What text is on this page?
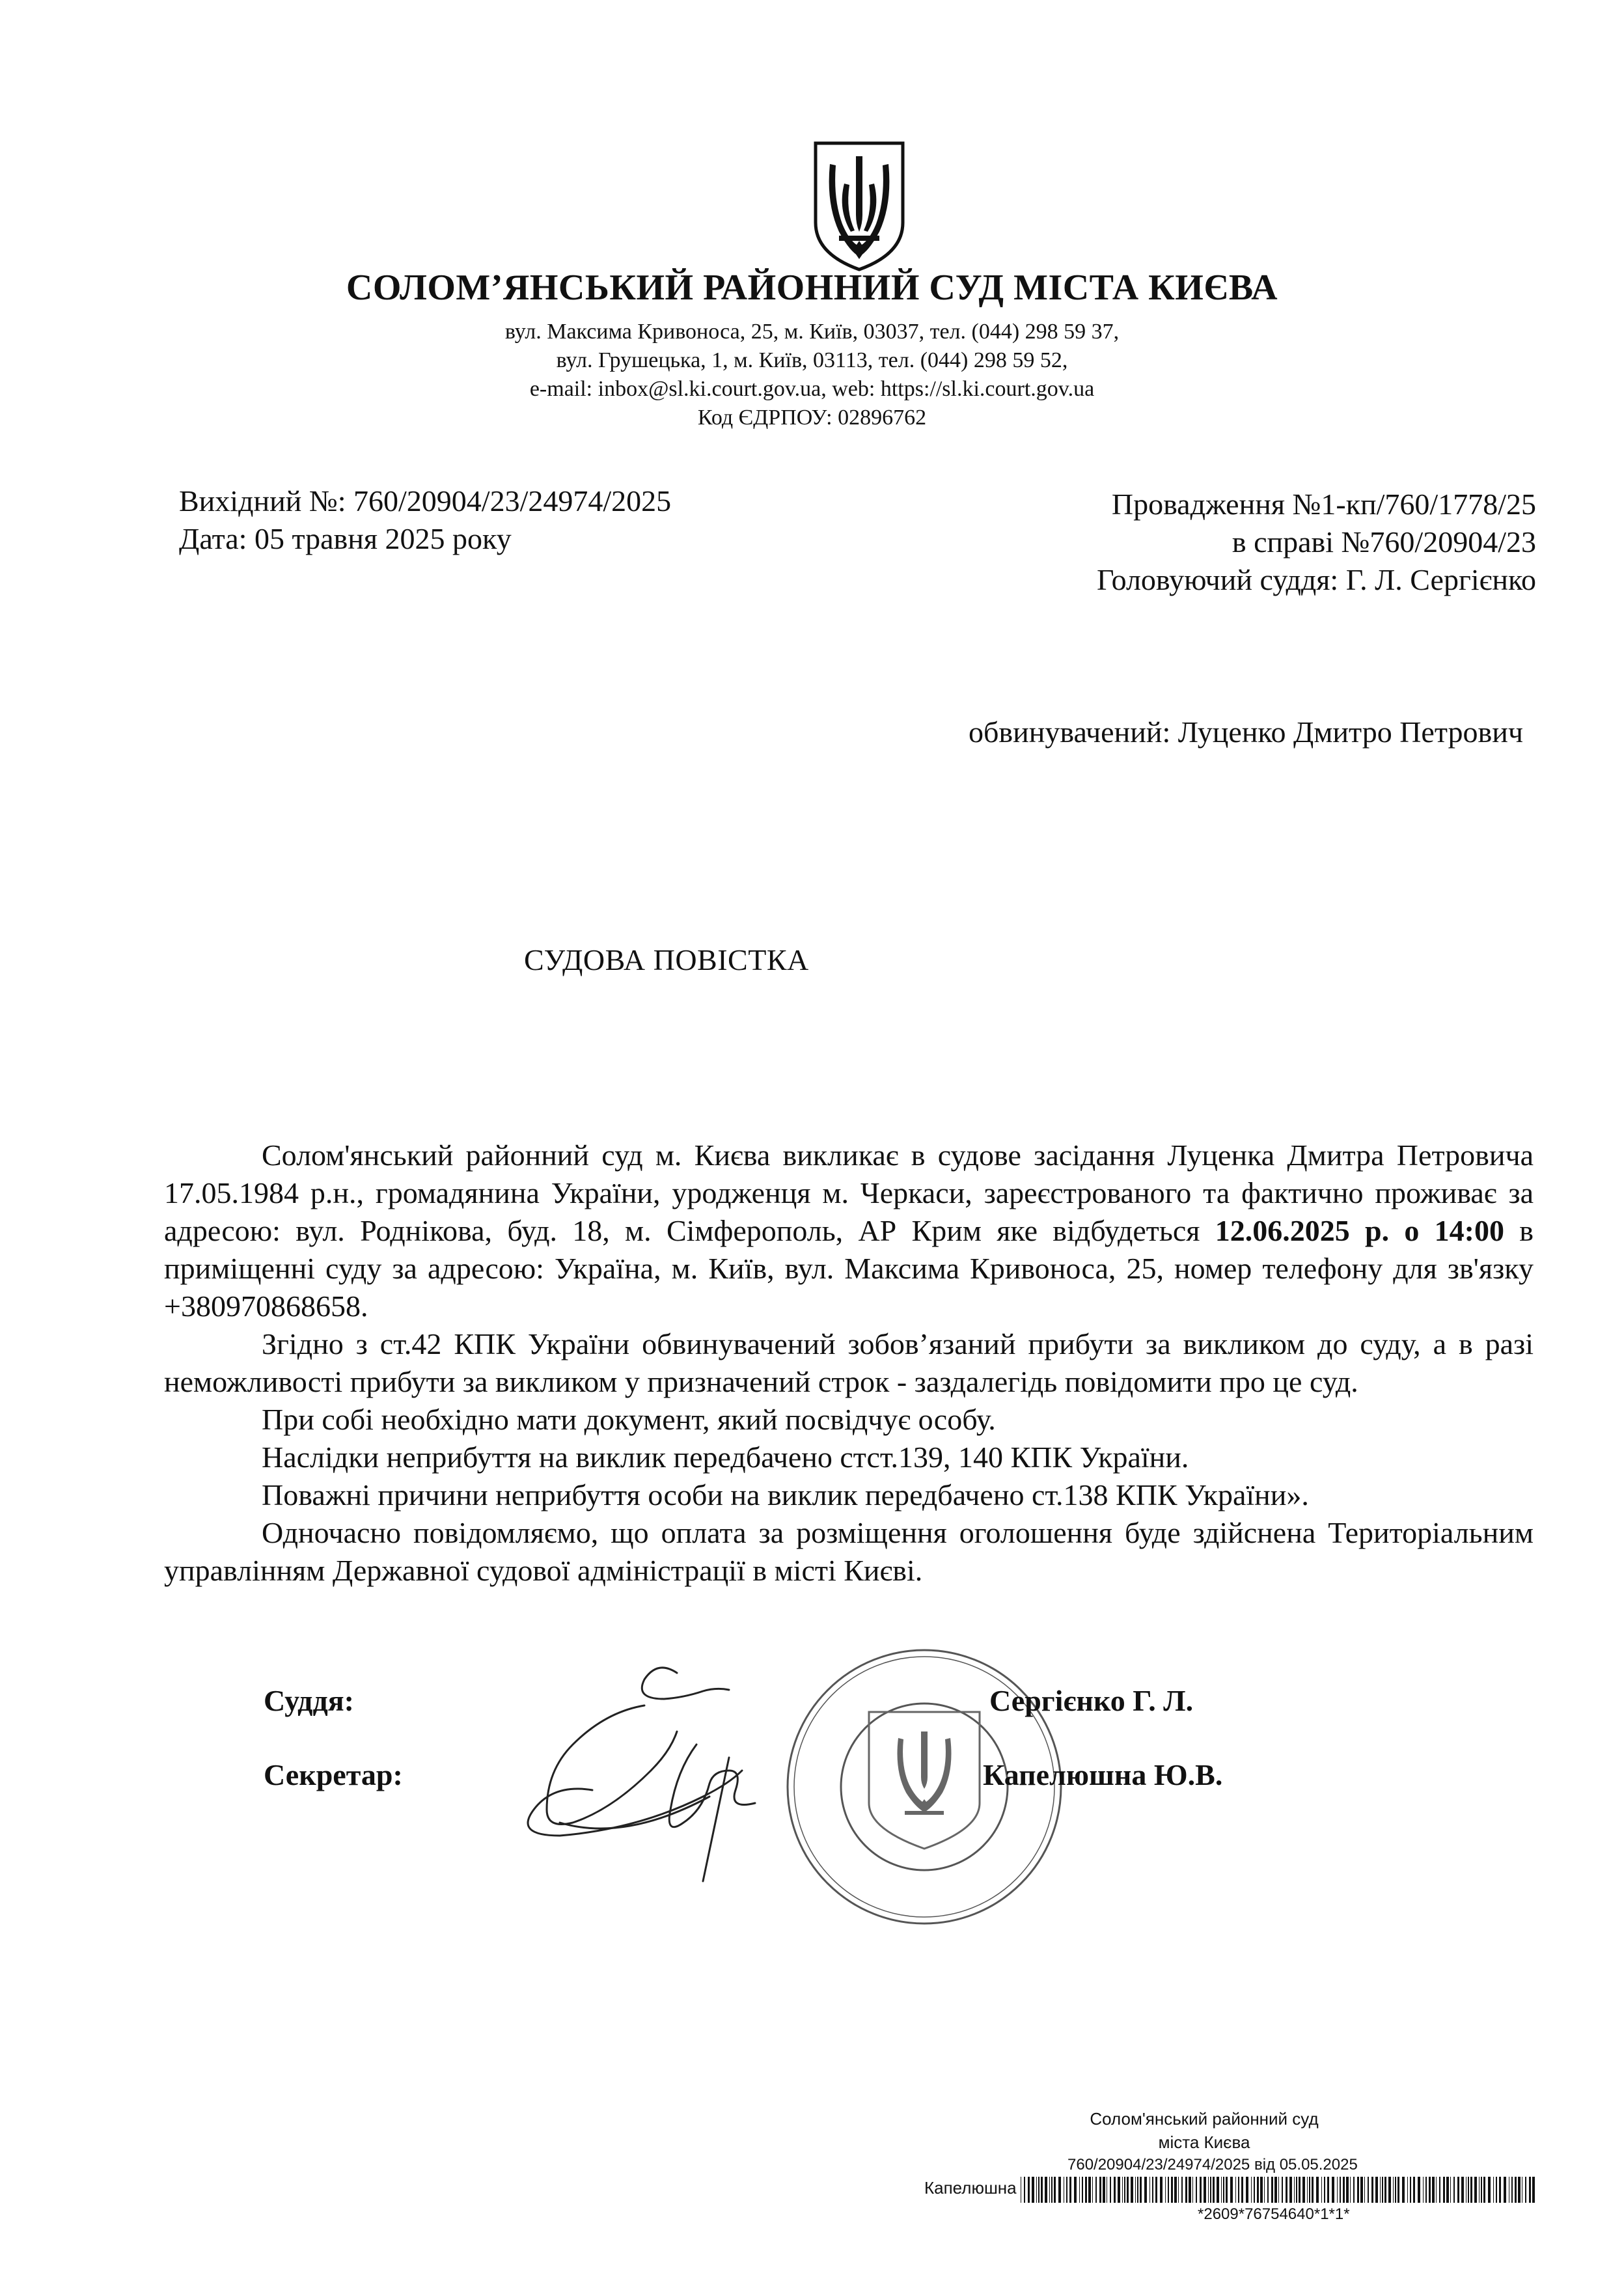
СОЛОМ’ЯНСЬКИЙ РАЙОННИЙ СУД МІСТА КИЄВА
вул. Максима Кривоноса, 25, м. Київ, 03037, тел. (044) 298 59 37,
вул. Грушецька, 1, м. Київ, 03113, тел. (044) 298 59 52,
e-mail: inbox@sl.ki.court.gov.ua, web: https://sl.ki.court.gov.ua
Код ЄДРПОУ: 02896762
Вихідний №: 760/20904/23/24974/2025
Дата: 05 травня 2025 року
Провадження №1-кп/760/1778/25
в справі №760/20904/23
Головуючий суддя: Г. Л. Сергієнко
обвинувачений: Луценко Дмитро Петрович
СУДОВА ПОВІСТКА

Солом'янський районний суд м. Києва викликає в судове засідання Луценка Дмитра Петровича 17.05.1984 р.н., громадянина України, уродженця м. Черкаси, зареєстрованого та фактично проживає за адресою: вул. Роднікова, буд. 18, м. Сімферополь, АР Крим яке відбудеться 12.06.2025 р. о 14:00 в приміщенні суду за адресою: Україна, м. Київ, вул. Максима Кривоноса, 25, номер телефону для зв'язку +380970868658.

Згідно з ст.42 КПК України обвинувачений зобов’язаний прибути за викликом до суду, а в разі неможливості прибути за викликом у призначений строк - заздалегідь повідомити про це суд.

При собі необхідно мати документ, який посвідчує особу.

Наслідки неприбуття на виклик передбачено стст.139, 140 КПК України.

Поважні причини неприбуття особи на виклик передбачено ст.138 КПК України».

Одночасно повідомляємо, що оплата за розміщення оголошення буде здійснена Територіальним управлінням Державної судової адміністрації в місті Києві.

Суддя:
Секретар:
Сергієнко Г. Л.
Капелюшна Ю.В.
Солом'янський районний суд
міста Києва
760/20904/23/24974/2025 від 05.05.2025
Капелюшна
*2609*76754640*1*1*
